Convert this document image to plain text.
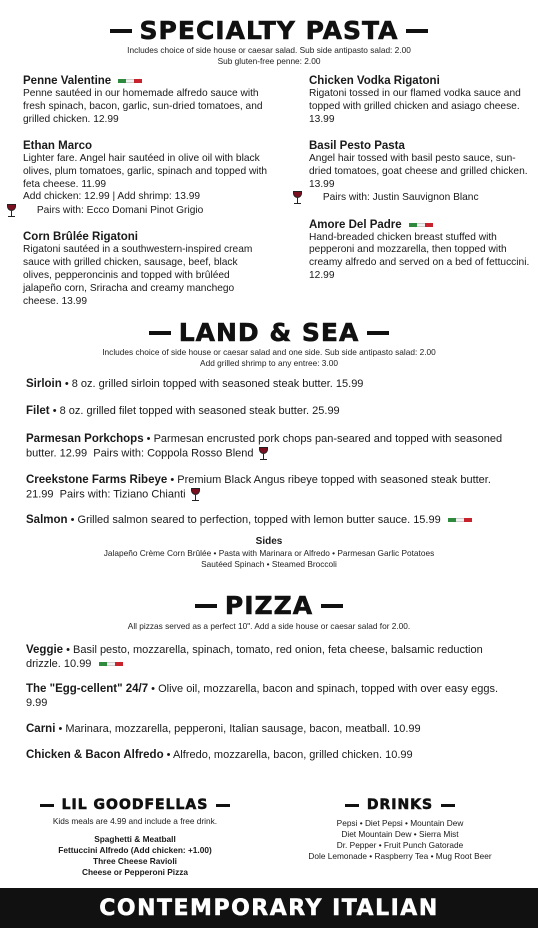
SPECIALTY PASTA
Includes choice of side house or caesar salad. Sub side antipasto salad: 2.00
Sub gluten-free penne: 2.00
Penne Valentine
Penne sautéed in our homemade alfredo sauce with fresh spinach, bacon, garlic, sun-dried tomatoes, and grilled chicken. 12.99
Ethan Marco
Lighter fare. Angel hair sautéed in olive oil with black olives, plum tomatoes, garlic, spinach and topped with feta cheese. 11.99
Add chicken: 12.99 | Add shrimp: 13.99
Pairs with: Ecco Domani Pinot Grigio
Corn Brûlée Rigatoni
Rigatoni sautéed in a southwestern-inspired cream sauce with grilled chicken, sausage, beef, black olives, pepperoncinis and topped with brûléed jalapeño corn, Sriracha and creamy manchego cheese. 13.99
Chicken Vodka Rigatoni
Rigatoni tossed in our flamed vodka sauce and topped with grilled chicken and asiago cheese. 13.99
Basil Pesto Pasta
Angel hair tossed with basil pesto sauce, sun-dried tomatoes, goat cheese and grilled chicken. 13.99
Pairs with: Justin Sauvignon Blanc
Amore Del Padre
Hand-breaded chicken breast stuffed with pepperoni and mozzarella, then topped with creamy alfredo and served on a bed of fettuccini. 12.99
LAND & SEA
Includes choice of side house or caesar salad and one side. Sub side antipasto salad: 2.00
Add grilled shrimp to any entree: 3.00
Sirloin • 8 oz. grilled sirloin topped with seasoned steak butter. 15.99
Filet • 8 oz. grilled filet topped with seasoned steak butter. 25.99
Parmesan Porkchops • Parmesan encrusted pork chops pan-seared and topped with seasoned butter. 12.99 Pairs with: Coppola Rosso Blend
Creekstone Farms Ribeye • Premium Black Angus ribeye topped with seasoned steak butter. 21.99 Pairs with: Tiziano Chianti
Salmon • Grilled salmon seared to perfection, topped with lemon butter sauce. 15.99
Sides
Jalapeño Crème Corn Brûlée • Pasta with Marinara or Alfredo • Parmesan Garlic Potatoes
Sautéed Spinach • Steamed Broccoli
PIZZA
All pizzas served as a perfect 10". Add a side house or caesar salad for 2.00.
Veggie • Basil pesto, mozzarella, spinach, tomato, red onion, feta cheese, balsamic reduction drizzle. 10.99
The "Egg-cellent" 24/7 • Olive oil, mozzarella, bacon and spinach, topped with over easy eggs. 9.99
Carni • Marinara, mozzarella, pepperoni, Italian sausage, bacon, meatball. 10.99
Chicken & Bacon Alfredo • Alfredo, mozzarella, bacon, grilled chicken. 10.99
LIL GOODFELLAS

Kids meals are 4.99 and include a free drink.

Spaghetti & Meatball
Fettuccini Alfredo (Add chicken: +1.00)
Three Cheese Ravioli
Cheese or Pepperoni Pizza
DRINKS
Pepsi • Diet Pepsi • Mountain Dew
Diet Mountain Dew • Sierra Mist
Dr. Pepper • Fruit Punch Gatorade
Dole Lemonade • Raspberry Tea • Mug Root Beer
CONTEMPORARY ITALIAN
